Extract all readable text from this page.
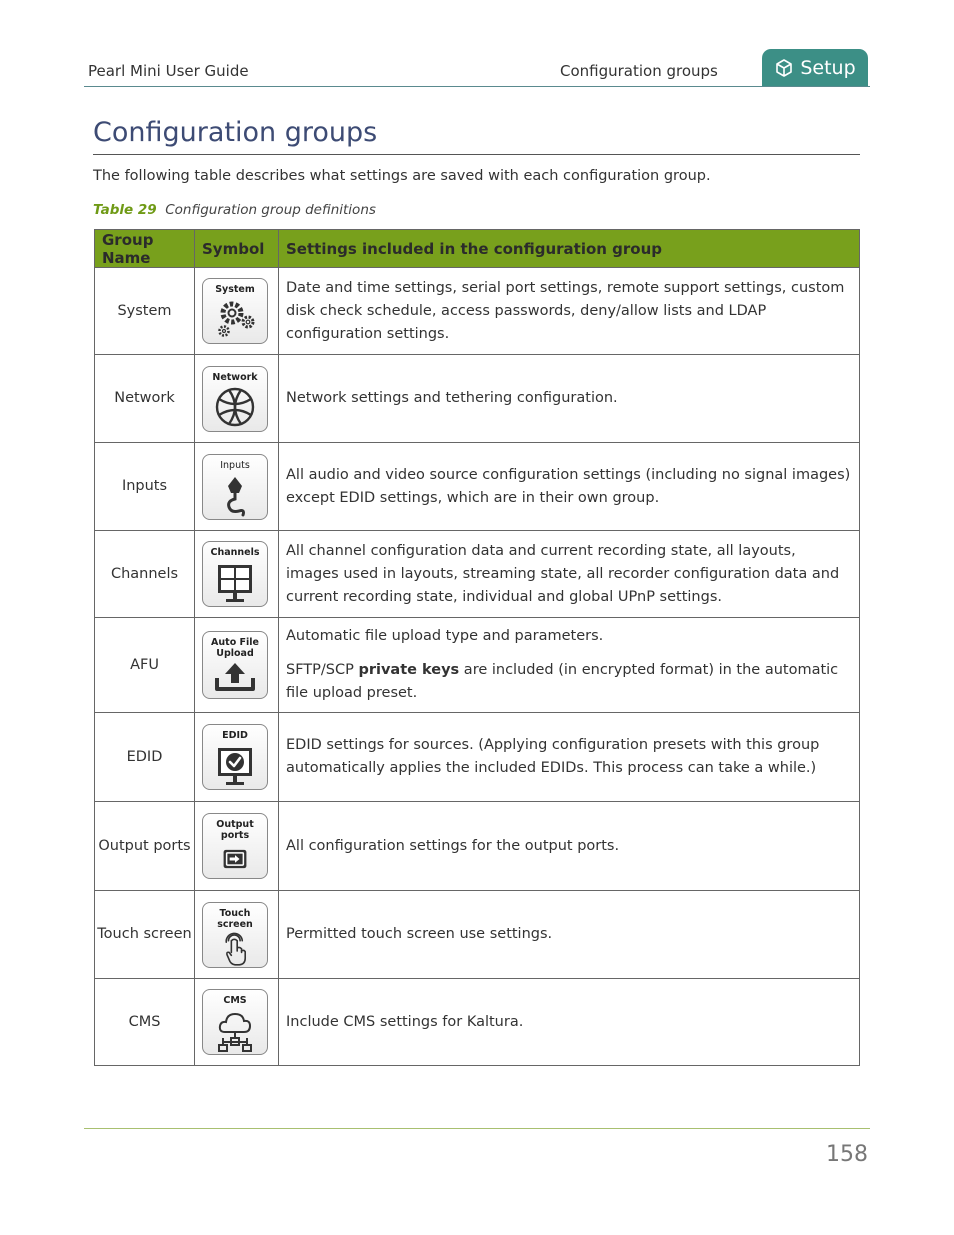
Pearl Mini User Guide	Configuration groups	Setup
Configuration groups
The following table describes what settings are saved with each configuration group.
Table 29 Configuration group definitions
Group Name	Symbol	Settings included in the configuration group
System	System	Date and time settings, serial port settings, remote support settings, custom disk check schedule, access passwords, deny/allow lists and LDAP configuration settings.

Network	Network	Network settings and tethering configuration.

Inputs	Inputs	All audio and video source configuration settings (including no signal images) except EDID settings, which are in their own group.

Channels	Channels	All channel configuration data and current recording state, all layouts, images used in layouts, streaming state, all recorder configuration data and current recording state, individual and global UPnP settings.

AFU	Auto File Upload	Automatic file upload type and parameters.

SFTP/SCP private keys are included (in encrypted format) in the automatic file upload preset.

EDID	EDID	EDID settings for sources. (Applying configuration presets with this group automatically applies the included EDIDs. This process can take a while.)

Output ports	Output ports	All configuration settings for the output ports.

Touch screen	Touch screen	Permitted touch screen use settings.

CMS	CMS	Include CMS settings for Kaltura.

158
